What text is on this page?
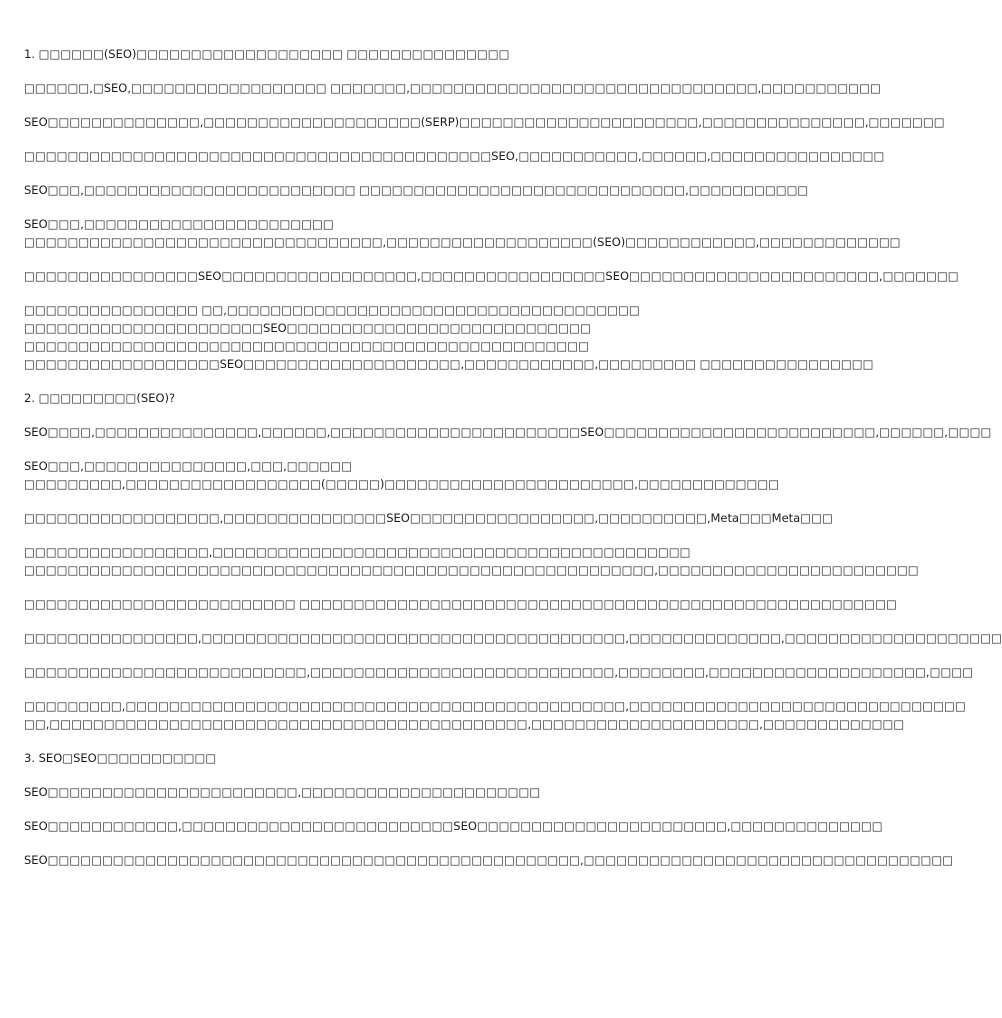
1. □□□□□□(SEO)□□□□□□□□□□□□□□□□□□□ □□□□□□□□□□□□□□□
□□□□□□,□SEO,□□□□□□□□□□□□□□□□□□ □□□□□□□,□□□□□□□□□□□□□□□□□□□□□□□□□□□□□□□□,□□□□□□□□□□□
SEO□□□□□□□□□□□□□□,□□□□□□□□□□□□□□□□□□□□(SERP)□□□□□□□□□□□□□□□□□□□□□□,□□□□□□□□□□□□□□□,□□□□□□□
□□□□□□□□□□□□□□□□□□□□□□□□□□□□□□□□□□□□□□□□□□□SEO,□□□□□□□□□□□,□□□□□□,□□□□□□□□□□□□□□□□
SEO□□□,□□□□□□□□□□□□□□□□□□□□□□□□□ □□□□□□□□□□□□□□□□□□□□□□□□□□□□□□,□□□□□□□□□□□
SEO□□□,□□□□□□□□□□□□□□□□□□□□□□□
□□□□□□□□□□□□□□□□□□□□□□□□□□□□□□□□□,□□□□□□□□□□□□□□□□□□□(SEO)□□□□□□□□□□□□,□□□□□□□□□□□□□
□□□□□□□□□□□□□□□□SEO□□□□□□□□□□□□□□□□□□,□□□□□□□□□□□□□□□□□SEO□□□□□□□□□□□□□□□□□□□□□□□,□□□□□□□
□□□□□□□□□□□□□□□□ □□,□□□□□□□□□□□□□□□□□□□□□□□□□□□□□□□□□□□□□□
□□□□□□□□□□□□□□□□□□□□□□SEO□□□□□□□□□□□□□□□□□□□□□□□□□□□□
□□□□□□□□□□□□□□□□□□□□□□□□□□□□□□□□□□□□□□□□□□□□□□□□□□□□
□□□□□□□□□□□□□□□□□□SEO□□□□□□□□□□□□□□□□□□□□,□□□□□□□□□□□□,□□□□□□□□□ □□□□□□□□□□□□□□□□
2. □□□□□□□□□(SEO)?
SEO□□□□,□□□□□□□□□□□□□□□,□□□□□□,□□□□□□□□□□□□□□□□□□□□□□□SEO□□□□□□□□□□□□□□□□□□□□□□□□□,□□□□□□,□□□□
SEO□□□,□□□□□□□□□□□□□□□,□□□,□□□□□□
□□□□□□□□□,□□□□□□□□□□□□□□□□□□(□□□□□)□□□□□□□□□□□□□□□□□□□□□□□,□□□□□□□□□□□□□
□□□□□□□□□□□□□□□□□□,□□□□□□□□□□□□□□□SEO□□□□□□□□□□□□□□□□□,□□□□□□□□□□,Meta□□□Meta□□□
□□□□□□□□□□□□□□□□□,□□□□□□□□□□□□□□□□□□□□□□□□□□□□□□□□□□□□□□□□□□□□
□□□□□□□□□□□□□□□□□□□□□□□□□□□□□□□□□□□□□□□□□□□□□□□□□□□□□□□□□□,□□□□□□□□□□□□□□□□□□□□□□□□
□□□□□□□□□□□□□□□□□□□□□□□□□ □□□□□□□□□□□□□□□□□□□□□□□□□□□□□□□□□□□□□□□□□□□□□□□□□□□□□□□
□□□□□□□□□□□□□□□□,□□□□□□□□□□□□□□□□□□□□□□□□□□□□□□□□□□□□□□□,□□□□□□□□□□□□□□,□□□□□□□□□□□□□□□□□□□□
□□□□□□□□□□□□□□□□□□□□□□□□□□,□□□□□□□□□□□□□□□□□□□□□□□□□□□□,□□□□□□□□,□□□□□□□□□□□□□□□□□□□□,□□□□
□□□□□□□□□,□□□□□□□□□□□□□□□□□□□□□□□□□□□□□□□□□□□□□□□□□□□□□□,□□□□□□□□□□□□□□□□□□□□□□□□□□□□□□□
□□,□□□□□□□□□□□□□□□□□□□□□□□□□□□□□□□□□□□□□□□□□□□□,□□□□□□□□□□□□□□□□□□□□□,□□□□□□□□□□□□□
3. SEO□SEO□□□□□□□□□□□
SEO□□□□□□□□□□□□□□□□□□□□□□□,□□□□□□□□□□□□□□□□□□□□□□
SEO□□□□□□□□□□□□,□□□□□□□□□□□□□□□□□□□□□□□□□SEO□□□□□□□□□□□□□□□□□□□□□□□,□□□□□□□□□□□□□□
SEO□□□□□□□□□□□□□□□□□□□□□□□□□□□□□□□□□□□□□□□□□□□□□□□□□,□□□□□□□□□□□□□□□□□□□□□□□□□□□□□□□□□□
